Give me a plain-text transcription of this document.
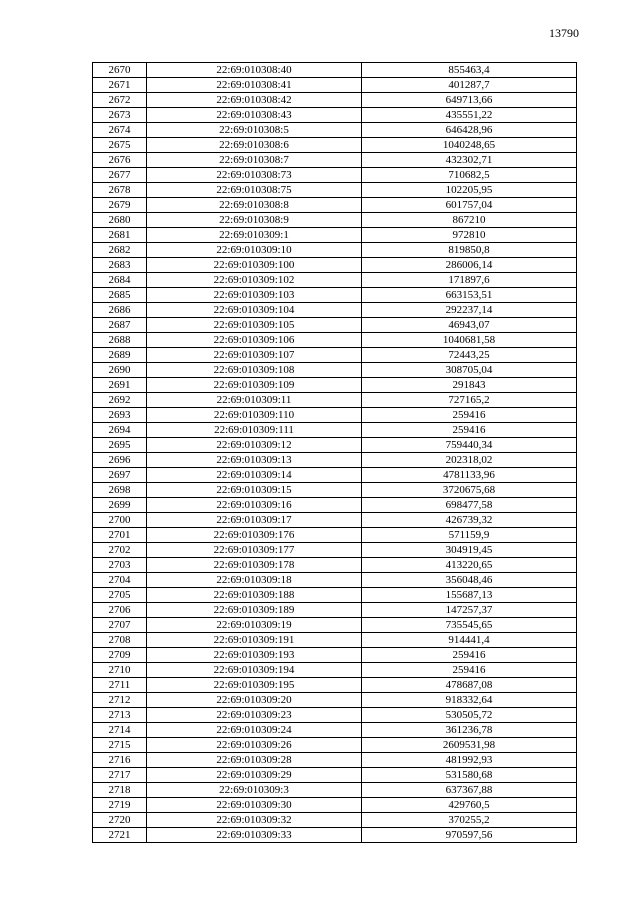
13790
2670	22:69:010308:40	855463,4
2671	22:69:010308:41	401287,7
2672	22:69:010308:42	649713,66
2673	22:69:010308:43	435551,22
2674	22:69:010308:5	646428,96
2675	22:69:010308:6	1040248,65
2676	22:69:010308:7	432302,71
2677	22:69:010308:73	710682,5
2678	22:69:010308:75	102205,95
2679	22:69:010308:8	601757,04
2680	22:69:010308:9	867210
2681	22:69:010309:1	972810
2682	22:69:010309:10	819850,8
2683	22:69:010309:100	286006,14
2684	22:69:010309:102	171897,6
2685	22:69:010309:103	663153,51
2686	22:69:010309:104	292237,14
2687	22:69:010309:105	46943,07
2688	22:69:010309:106	1040681,58
2689	22:69:010309:107	72443,25
2690	22:69:010309:108	308705,04
2691	22:69:010309:109	291843
2692	22:69:010309:11	727165,2
2693	22:69:010309:110	259416
2694	22:69:010309:111	259416
2695	22:69:010309:12	759440,34
2696	22:69:010309:13	202318,02
2697	22:69:010309:14	4781133,96
2698	22:69:010309:15	3720675,68
2699	22:69:010309:16	698477,58
2700	22:69:010309:17	426739,32
2701	22:69:010309:176	571159,9
2702	22:69:010309:177	304919,45
2703	22:69:010309:178	413220,65
2704	22:69:010309:18	356048,46
2705	22:69:010309:188	155687,13
2706	22:69:010309:189	147257,37
2707	22:69:010309:19	735545,65
2708	22:69:010309:191	914441,4
2709	22:69:010309:193	259416
2710	22:69:010309:194	259416
2711	22:69:010309:195	478687,08
2712	22:69:010309:20	918332,64
2713	22:69:010309:23	530505,72
2714	22:69:010309:24	361236,78
2715	22:69:010309:26	2609531,98
2716	22:69:010309:28	481992,93
2717	22:69:010309:29	531580,68
2718	22:69:010309:3	637367,88
2719	22:69:010309:30	429760,5
2720	22:69:010309:32	370255,2
2721	22:69:010309:33	970597,56
